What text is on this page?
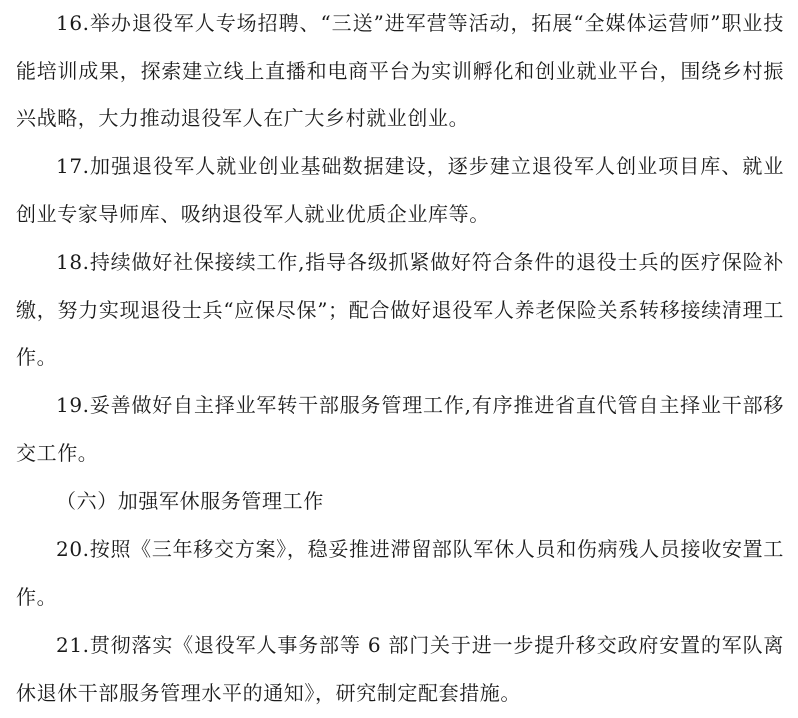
16.举办退役军人专场招聘、“三送”进军营等活动，拓展“全媒体运营师”职业技能培训成果，探索建立线上直播和电商平台为实训孵化和创业就业平台，围绕乡村振兴战略，大力推动退役军人在广大乡村就业创业。

17.加强退役军人就业创业基础数据建设，逐步建立退役军人创业项目库、就业创业专家导师库、吸纳退役军人就业优质企业库等。

18.持续做好社保接续工作,指导各级抓紧做好符合条件的退役士兵的医疗保险补缴，努力实现退役士兵“应保尽保”；配合做好退役军人养老保险关系转移接续清理工作。

19.妥善做好自主择业军转干部服务管理工作,有序推进省直代管自主择业干部移交工作。

（六）加强军休服务管理工作

20.按照《三年移交方案》，稳妥推进滞留部队军休人员和伤病残人员接收安置工作。

21.贯彻落实《退役军人事务部等 6 部门关于进一步提升移交政府安置的军队离休退休干部服务管理水平的通知》，研究制定配套措施。
